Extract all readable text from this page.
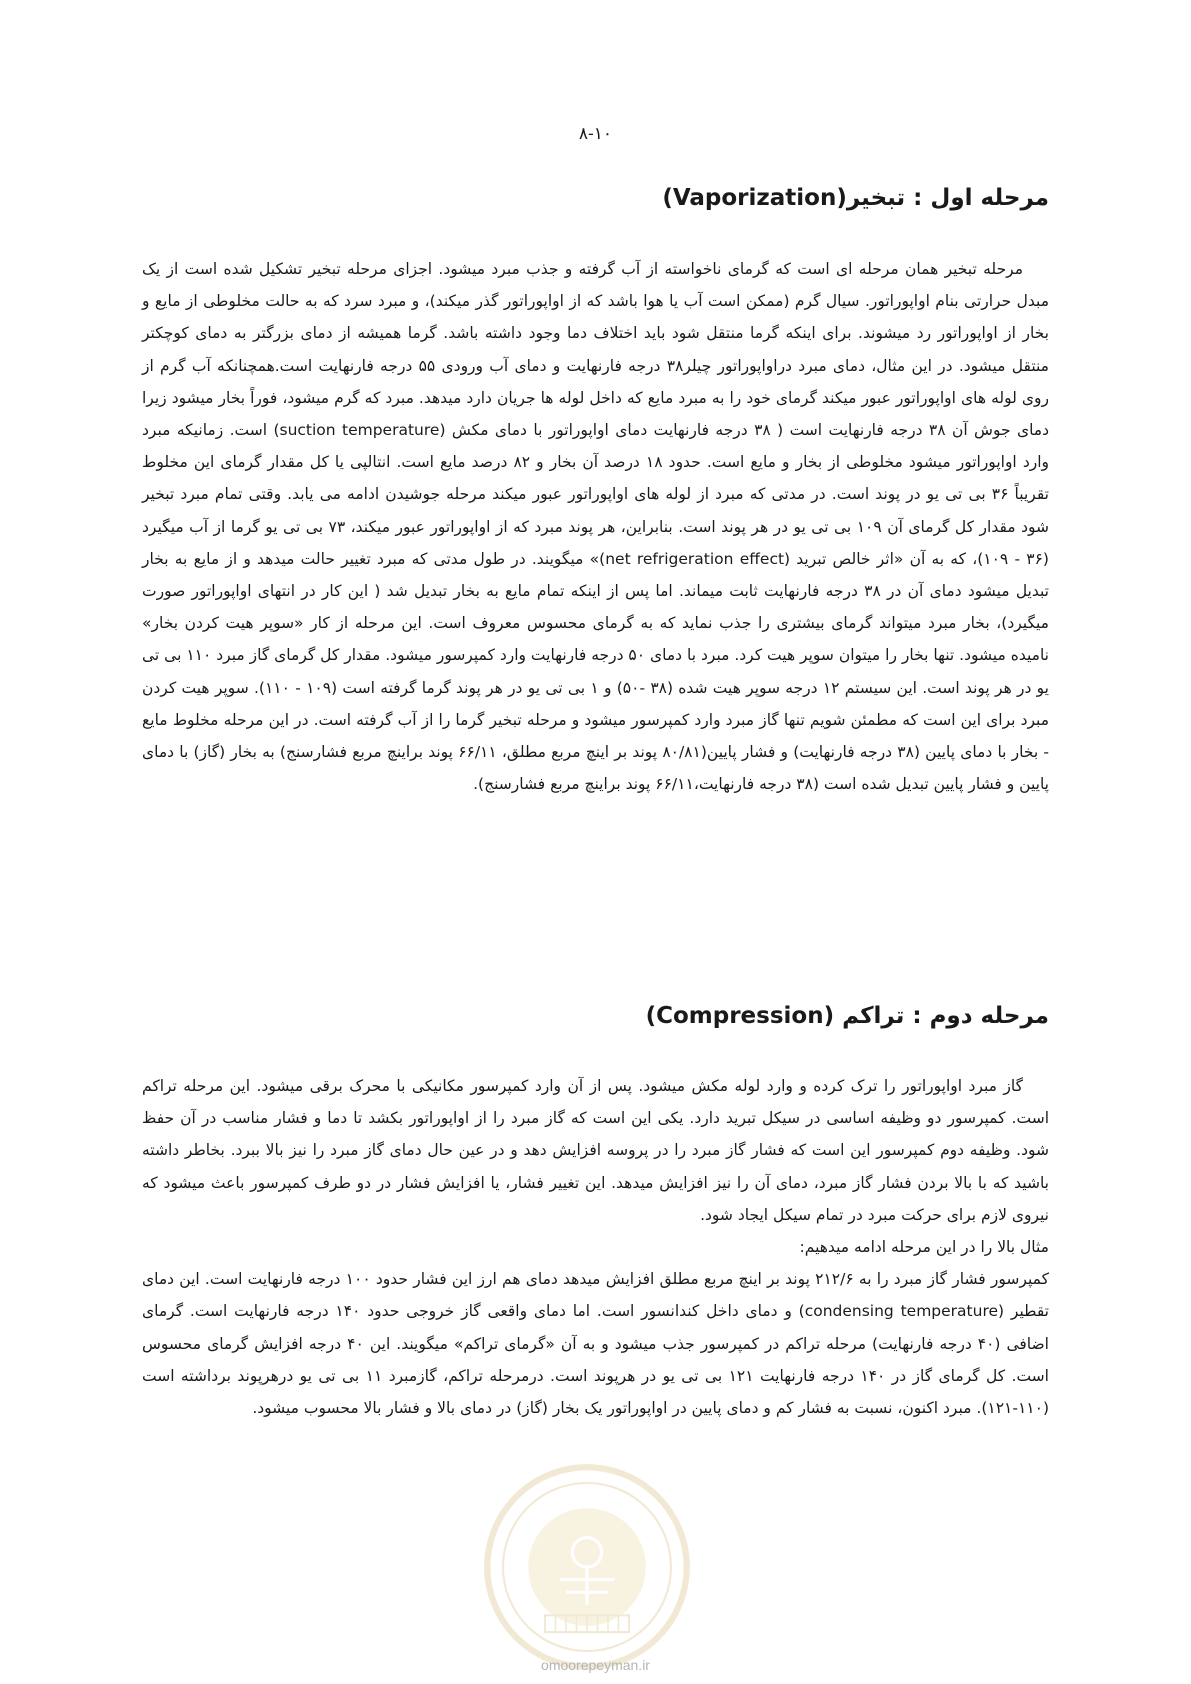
۸-۱۰
مرحله اول : تبخیر(Vaporization)

مرحله تبخیر همان مرحله ای است که گرمای ناخواسته از آب گرفته و جذب مبرد میشود. اجزای مرحله تبخیر تشکیل شده است از یک مبدل حرارتی بنام اواپوراتور. سیال گرم (ممکن است آب یا هوا باشد که از اواپوراتور گذر میکند)، و مبرد سرد که به حالت مخلوطی از مایع و بخار از اواپوراتور رد میشوند. برای اینکه گرما منتقل شود باید اختلاف دما وجود داشته باشد. گرما همیشه از دمای بزرگتر به دمای کوچکتر منتقل میشود. در این مثال، دمای مبرد دراواپوراتور چیلر۳۸ درجه فارنهایت و دمای آب ورودی ۵۵ درجه فارنهایت است.همچنانکه آب گرم از روی لوله های اواپوراتور عبور میکند گرمای خود را به مبرد مایع که داخل لوله ها جریان دارد میدهد. مبرد که گرم میشود، فوراً بخار میشود زیرا دمای جوش آن ۳۸ درجه فارنهایت است ( ۳۸ درجه فارنهایت دمای اواپوراتور با دمای مکش (suction temperature) است. زمانیکه مبرد وارد اواپوراتور میشود مخلوطی از بخار و مایع است. حدود ۱۸ درصد آن بخار و ۸۲ درصد مایع است. انتالپی یا کل مقدار گرمای این مخلوط تقریباً ۳۶ بی تی یو در پوند است. در مدتی که مبرد از لوله های اواپوراتور عبور میکند مرحله جوشیدن ادامه می یابد. وقتی تمام مبرد تبخیر شود مقدار کل گرمای آن ۱۰۹ بی تی یو در هر پوند است. بنابراین، هر پوند مبرد که از اواپوراتور عبور میکند، ۷۳ بی تی یو گرما از آب میگیرد (۳۶ - ۱۰۹)، که به آن «اثر خالص تبرید (net refrigeration effect)» میگویند. در طول مدتی که مبرد تغییر حالت میدهد و از مایع به بخار تبدیل میشود دمای آن در ۳۸ درجه فارنهایت ثابت میماند. اما پس از اینکه تمام مایع به بخار تبدیل شد ( این کار در انتهای اواپوراتور صورت میگیرد)، بخار مبرد میتواند گرمای بیشتری را جذب نماید که به گرمای محسوس معروف است. این مرحله از کار «سوپر هیت کردن بخار» نامیده میشود. تنها بخار را میتوان سوپر هیت کرد. مبرد با دمای ۵۰ درجه فارنهایت وارد کمپرسور میشود. مقدار کل گرمای گاز مبرد ۱۱۰ بی تی یو در هر پوند است. این سیستم ۱۲ درجه سوپر هیت شده (۳۸ -۵۰) و ۱ بی تی یو در هر پوند گرما گرفته است (۱۰۹ - ۱۱۰). سوپر هیت کردن مبرد برای این است که مطمئن شویم تنها گاز مبرد وارد کمپرسور میشود و مرحله تبخیر گرما را از آب گرفته است. در این مرحله مخلوط مایع - بخار با دمای پایین (۳۸ درجه فارنهایت) و فشار پایین(۸۰/۸۱ پوند بر اینچ مربع مطلق، ۶۶/۱۱ پوند براینچ مربع فشارسنج) به بخار (گاز) با دمای پایین و فشار پایین تبدیل شده است (۳۸ درجه فارنهایت،۶۶/۱۱ پوند براینچ مربع فشارسنج).

مرحله دوم : تراکم (Compression)

گاز مبرد اواپوراتور را ترک کرده و وارد لوله مکش میشود. پس از آن وارد کمپرسور مکانیکی با محرک برقی میشود. این مرحله تراکم است. کمپرسور دو وظیفه اساسی در سیکل تبرید دارد. یکی این است که گاز مبرد را از اواپوراتور بکشد تا دما و فشار مناسب در آن حفظ شود. وظیفه دوم کمپرسور این است که فشار گاز مبرد را در پروسه افزایش دهد و در عین حال دمای گاز مبرد را نیز بالا ببرد. بخاطر داشته باشید که با بالا بردن فشار گاز مبرد، دمای آن را نیز افزایش میدهد. این تغییر فشار، یا افزایش فشار در دو طرف کمپرسور باعث میشود که نیروی لازم برای حرکت مبرد در تمام سیکل ایجاد شود.

مثال بالا را در این مرحله ادامه میدهیم:

کمپرسور فشار گاز مبرد را به ۲۱۲/۶ پوند بر اینچ مربع مطلق افزایش میدهد دمای هم ارز این فشار حدود ۱۰۰ درجه فارنهایت است. این دمای تقطیر (condensing temperature) و دمای داخل کندانسور است. اما دمای واقعی گاز خروجی حدود ۱۴۰ درجه فارنهایت است. گرمای اضافی (۴۰ درجه فارنهایت) مرحله تراکم در کمپرسور جذب میشود و به آن «گرمای تراکم» میگویند. این ۴۰ درجه افزایش گرمای محسوس است. کل گرمای گاز در ۱۴۰ درجه فارنهایت ۱۲۱ بی تی یو در هرپوند است. درمرحله تراکم، گازمبرد ۱۱ بی تی یو درهرپوند برداشته است (۱۱۰-۱۲۱). مبرد اکنون، نسبت به فشار کم و دمای پایین در اواپوراتور یک بخار (گاز) در دمای بالا و فشار بالا محسوب میشود.

omoorepeyman.ir
